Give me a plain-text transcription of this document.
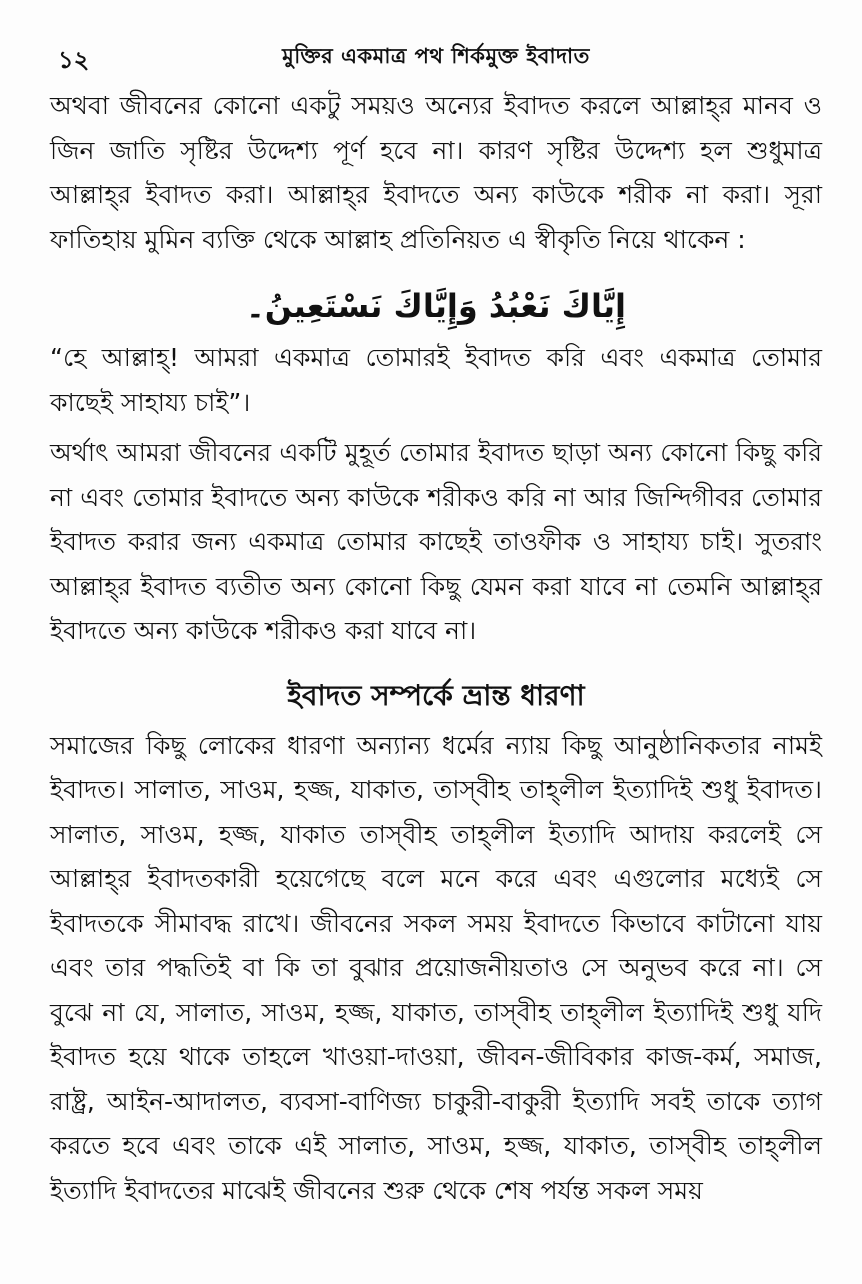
১২	মুক্তির একমাত্র পথ শির্কমুক্ত ইবাদাত

অথবা জীবনের কোনো একটু সময়ও অন্যের ইবাদত করলে আল্লাহ্‌র মানব ও জিন জাতি সৃষ্টির উদ্দেশ্য পূর্ণ হবে না। কারণ সৃষ্টির উদ্দেশ্য হল শুধুমাত্র আল্লাহ্‌র ইবাদত করা। আল্লাহ্‌র ইবাদতে অন্য কাউকে শরীক না করা। সূরা ফাতিহায় মুমিন ব্যক্তি থেকে আল্লাহ প্রতিনিয়ত এ স্বীকৃতি নিয়ে থাকেন :

إِيَّاكَ نَعْبُدُ وَإِيَّاكَ نَسْتَعِينُ۔

“হে আল্লাহ্‌! আমরা একমাত্র তোমারই ইবাদত করি এবং একমাত্র তোমার কাছেই সাহায্য চাই”।

অর্থাৎ আমরা জীবনের একটি মুহূর্ত তোমার ইবাদত ছাড়া অন্য কোনো কিছু করি না এবং তোমার ইবাদতে অন্য কাউকে শরীকও করি না আর জিন্দিগীবর তোমার ইবাদত করার জন্য একমাত্র তোমার কাছেই তাওফীক ও সাহায্য চাই। সুতরাং আল্লাহ্‌র ইবাদত ব্যতীত অন্য কোনো কিছু যেমন করা যাবে না তেমনি আল্লাহ্‌র ইবাদতে অন্য কাউকে শরীকও করা যাবে না।

ইবাদত সম্পর্কে ভ্রান্ত ধারণা

সমাজের কিছু লোকের ধারণা অন্যান্য ধর্মের ন্যায় কিছু আনুষ্ঠানিকতার নামই ইবাদত। সালাত, সাওম, হজ্জ, যাকাত, তাস্‌বীহ তাহ্‌লীল ইত্যাদিই শুধু ইবাদত। সালাত, সাওম, হজ্জ, যাকাত তাস্‌বীহ তাহ্‌লীল ইত্যাদি আদায় করলেই সে আল্লাহ্‌র ইবাদতকারী হয়েগেছে বলে মনে করে এবং এগুলোর মধ্যেই সে ইবাদতকে সীমাবদ্ধ রাখে। জীবনের সকল সময় ইবাদতে কিভাবে কাটানো যায় এবং তার পদ্ধতিই বা কি তা বুঝার প্রয়োজনীয়তাও সে অনুভব করে না। সে বুঝে না যে, সালাত, সাওম, হজ্জ, যাকাত, তাস্‌বীহ তাহ্‌লীল ইত্যাদিই শুধু যদি ইবাদত হয়ে থাকে তাহলে খাওয়া-দাওয়া, জীবন-জীবিকার কাজ-কর্ম, সমাজ, রাষ্ট্র, আইন-আদালত, ব্যবসা-বাণিজ্য চাকুরী-বাকুরী ইত্যাদি সবই তাকে ত্যাগ করতে হবে এবং তাকে এই সালাত, সাওম, হজ্জ, যাকাত, তাস্‌বীহ তাহ্‌লীল ইত্যাদি ইবাদতের মাঝেই জীবনের শুরু থেকে শেষ পর্যন্ত সকল সময়
